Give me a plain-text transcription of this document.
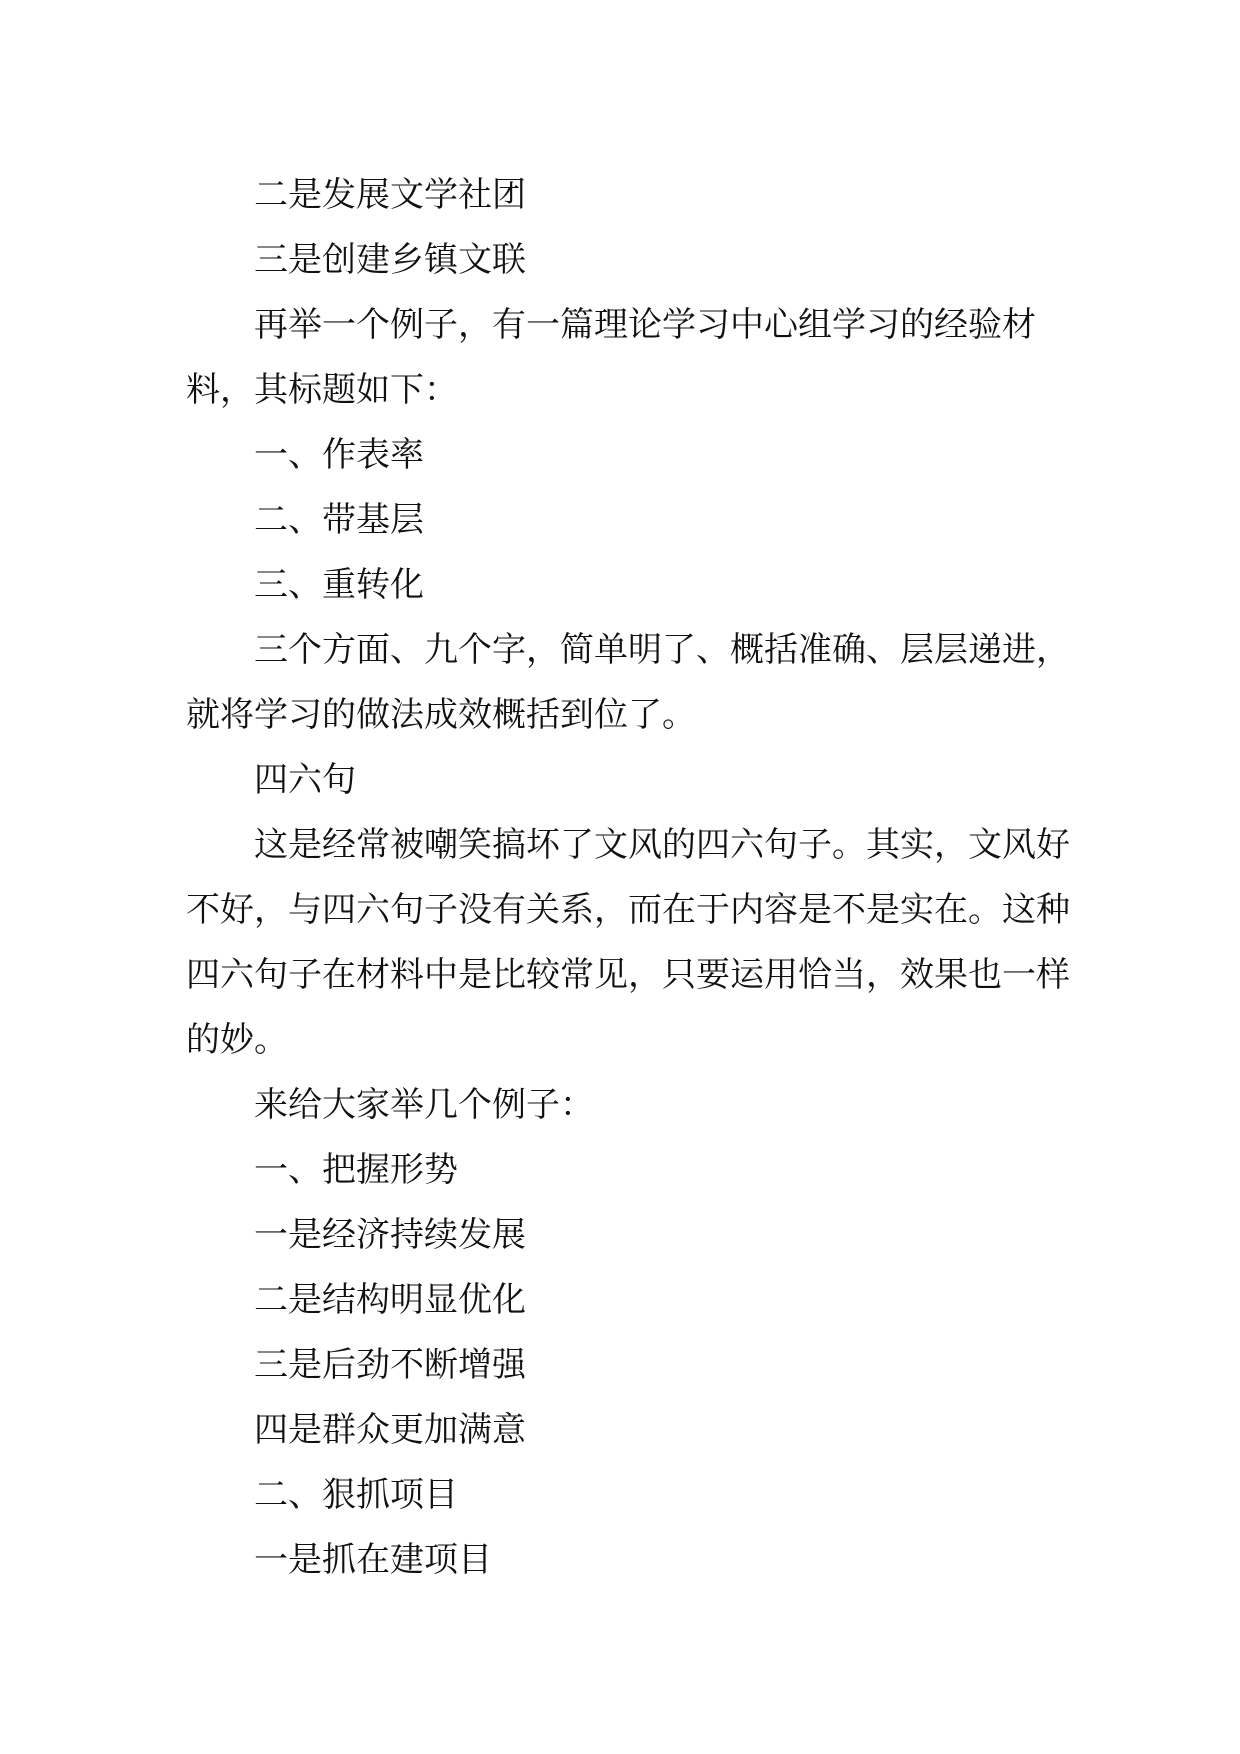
二是发展文学社团

三是创建乡镇文联

再举一个例子，有一篇理论学习中心组学习的经验材料，其标题如下：

一、作表率

二、带基层

三、重转化

三个方面、九个字，简单明了、概括准确、层层递进，就将学习的做法成效概括到位了。

四六句

这是经常被嘲笑搞坏了文风的四六句子。其实，文风好不好，与四六句子没有关系，而在于内容是不是实在。这种四六句子在材料中是比较常见，只要运用恰当，效果也一样的妙。

来给大家举几个例子：

一、把握形势

一是经济持续发展

二是结构明显优化

三是后劲不断增强

四是群众更加满意

二、狠抓项目

一是抓在建项目
